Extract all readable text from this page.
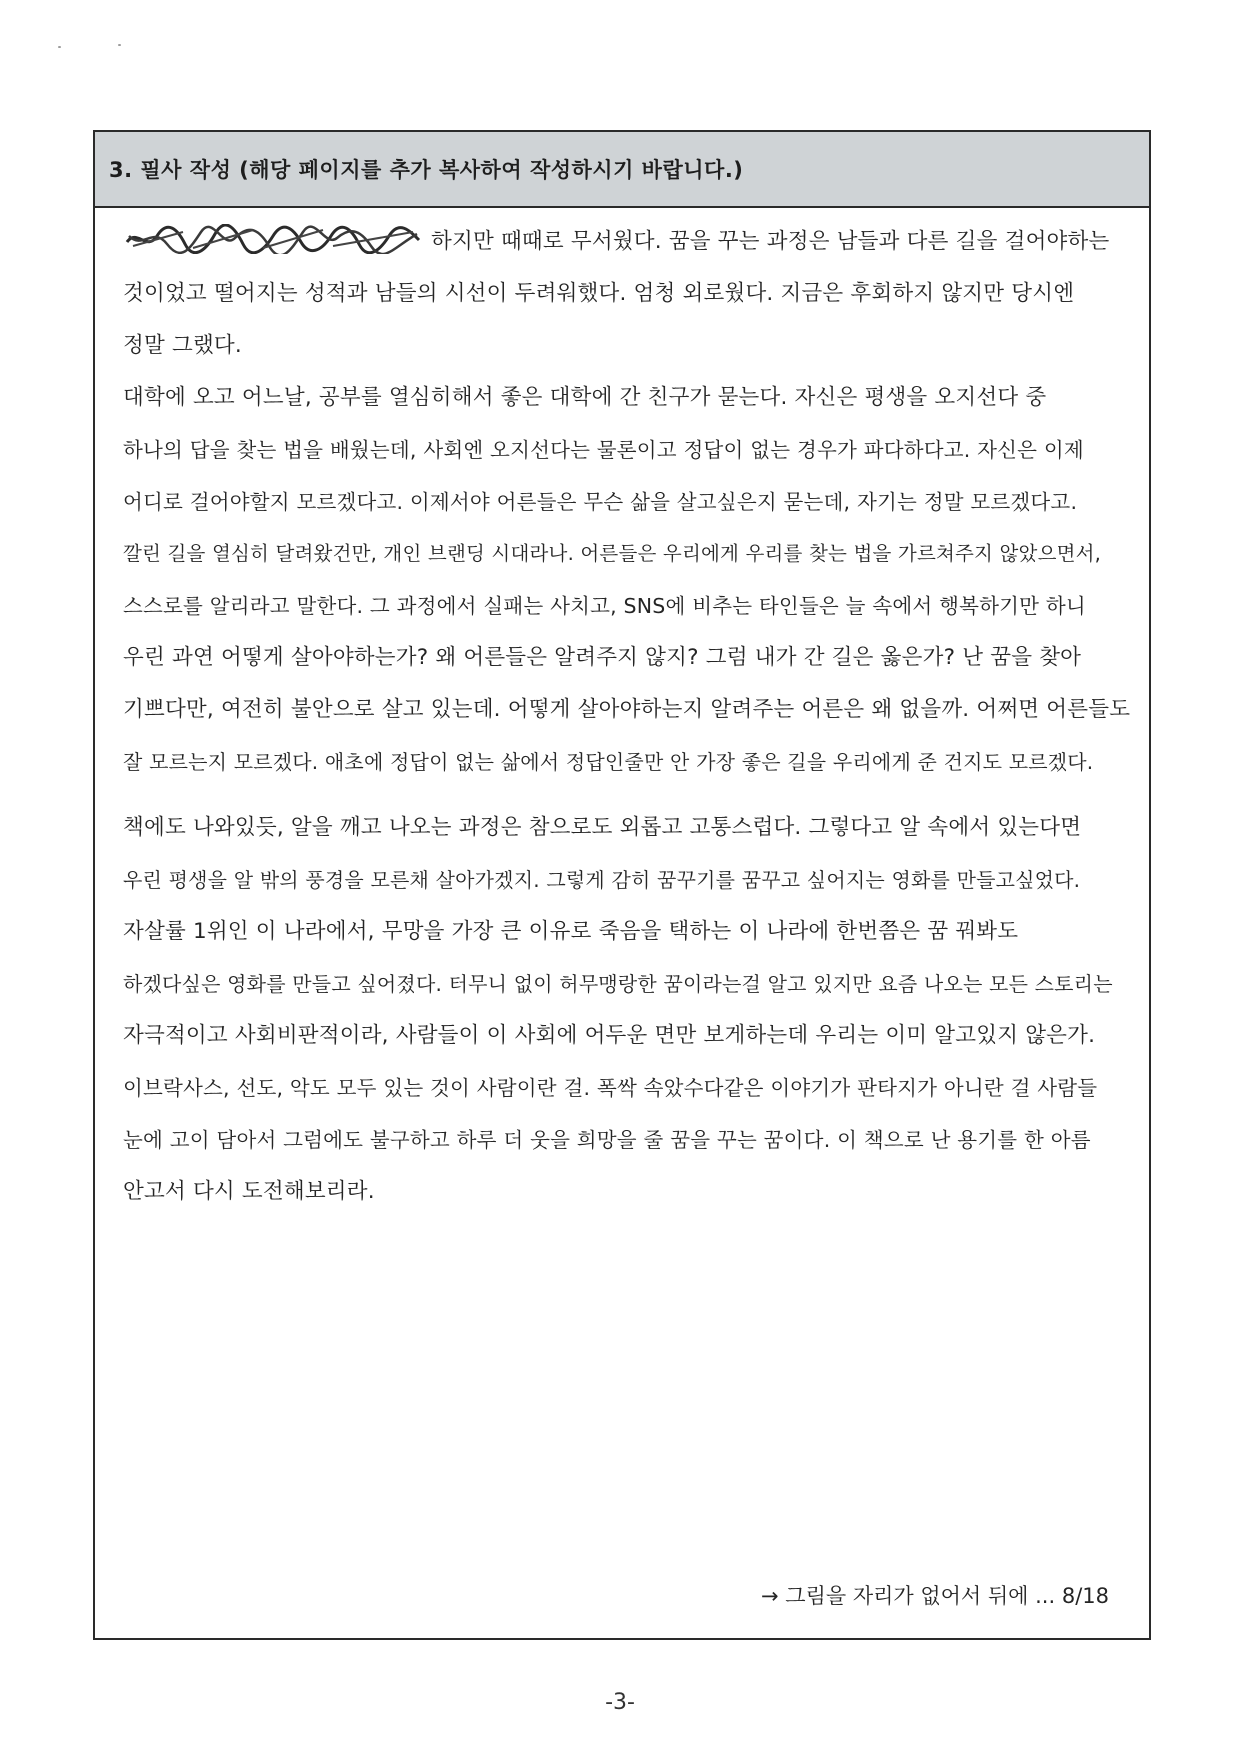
3. 필사 작성 (해당 페이지를 추가 복사하여 작성하시기 바랍니다.)
하지만 때때로 무서웠다. 꿈을 꾸는 과정은 남들과 다른 길을 걸어야하는
것이었고 떨어지는 성적과 남들의 시선이 두려워했다. 엄청 외로웠다. 지금은 후회하지 않지만 당시엔
정말 그랬다.
대학에 오고 어느날, 공부를 열심히해서 좋은 대학에 간 친구가 묻는다. 자신은 평생을 오지선다 중
하나의 답을 찾는 법을 배웠는데, 사회엔 오지선다는 물론이고 정답이 없는 경우가 파다하다고. 자신은 이제
어디로 걸어야할지 모르겠다고. 이제서야 어른들은 무슨 삶을 살고싶은지 묻는데, 자기는 정말 모르겠다고.
깔린 길을 열심히 달려왔건만, 개인 브랜딩 시대라나. 어른들은 우리에게 우리를 찾는 법을 가르쳐주지 않았으면서,
스스로를 알리라고 말한다. 그 과정에서 실패는 사치고, SNS에 비추는 타인들은 늘 속에서 행복하기만 하니
우린 과연 어떻게 살아야하는가? 왜 어른들은 알려주지 않지? 그럼 내가 간 길은 옳은가? 난 꿈을 찾아
기쁘다만, 여전히 불안으로 살고 있는데. 어떻게 살아야하는지 알려주는 어른은 왜 없을까. 어쩌면 어른들도
잘 모르는지 모르겠다. 애초에 정답이 없는 삶에서 정답인줄만 안 가장 좋은 길을 우리에게 준 건지도 모르겠다.
책에도 나와있듯, 알을 깨고 나오는 과정은 참으로도 외롭고 고통스럽다. 그렇다고 알 속에서 있는다면
우린 평생을 알 밖의 풍경을 모른채 살아가겠지. 그렇게 감히 꿈꾸기를 꿈꾸고 싶어지는 영화를 만들고싶었다.
자살률 1위인 이 나라에서, 무망을 가장 큰 이유로 죽음을 택하는 이 나라에 한번쯤은 꿈 꿔봐도
하겠다싶은 영화를 만들고 싶어졌다. 터무니 없이 허무맹랑한 꿈이라는걸 알고 있지만 요즘 나오는 모든 스토리는
자극적이고 사회비판적이라, 사람들이 이 사회에 어두운 면만 보게하는데 우리는 이미 알고있지 않은가.
이브락사스, 선도, 악도 모두 있는 것이 사람이란 걸. 폭싹 속았수다같은 이야기가 판타지가 아니란 걸 사람들
눈에 고이 담아서 그럼에도 불구하고 하루 더 웃을 희망을 줄 꿈을 꾸는 꿈이다. 이 책으로 난 용기를 한 아름
안고서 다시 도전해보리라.
→ 그림을 자리가 없어서 뒤에 ... 8/18
-3-
